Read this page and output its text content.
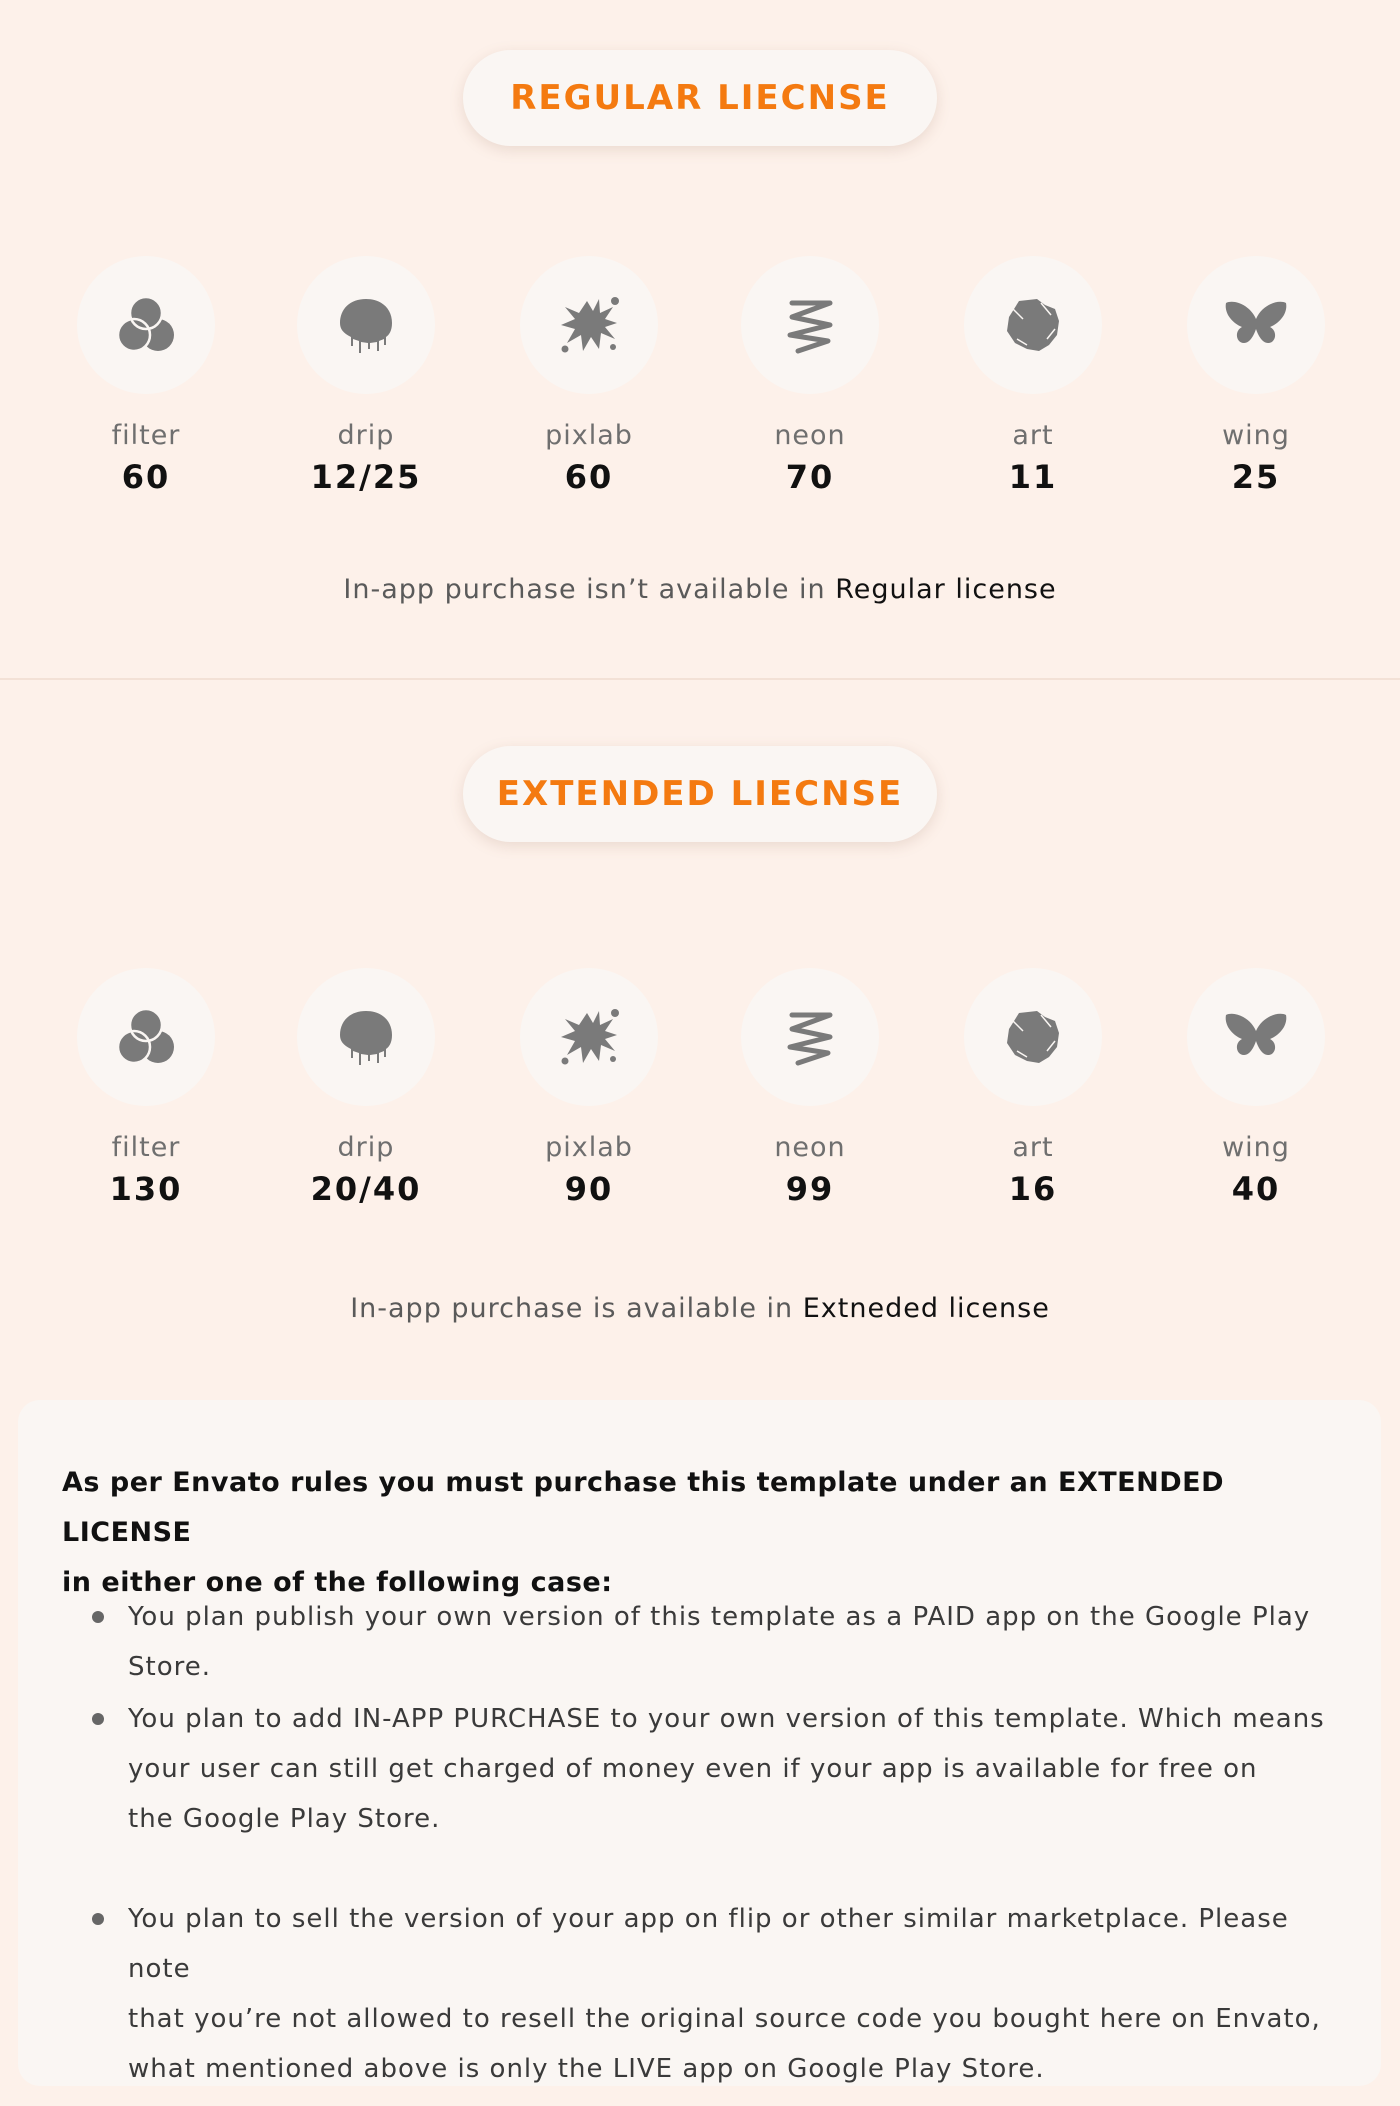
REGULAR LIECNSE
filter
60
drip
12/25
pixlab
60
neon
70
art
11
wing
25
In-app purchase isn’t available in Regular license
EXTENDED LIECNSE
filter
130
drip
20/40
pixlab
90
neon
99
art
16
wing
40
In-app purchase is available in Extneded license
As per Envato rules you must purchase this template under an EXTENDED LICENSE
in either one of the following case:
You plan publish your own version of this template as a PAID app on the Google Play Store.
You plan to add IN-APP PURCHASE to your own version of this template. Which means
your user can still get charged of money even if your app is available for free on
the Google Play Store.
You plan to sell the version of your app on flip or other similar marketplace. Please note
that you’re not allowed to resell the original source code you bought here on Envato,
what mentioned above is only the LIVE app on Google Play Store.
